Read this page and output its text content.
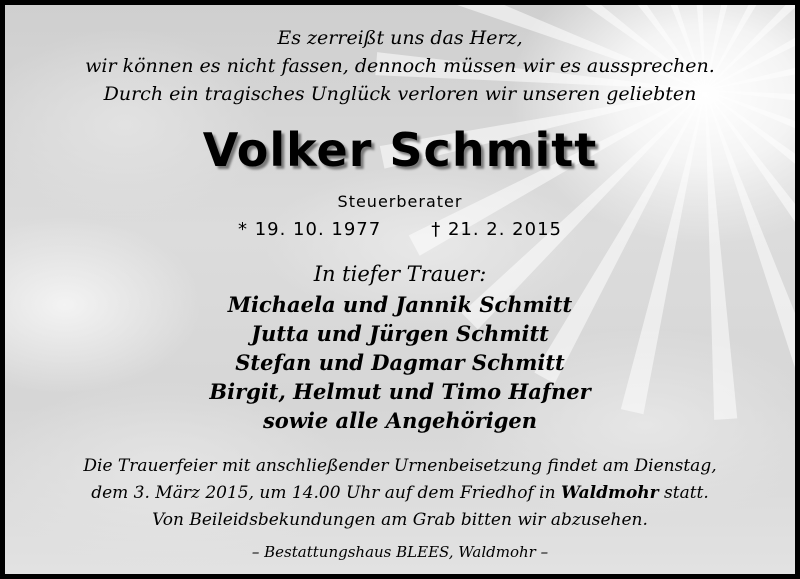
Es zerreißt uns das Herz,
wir können es nicht fassen, dennoch müssen wir es aussprechen.
Durch ein tragisches Unglück verloren wir unseren geliebten
Volker Schmitt
Steuerberater
* 19. 10. 1977	† 21. 2. 2015
In tiefer Trauer:
Michaela und Jannik Schmitt
Jutta und Jürgen Schmitt
Stefan und Dagmar Schmitt
Birgit, Helmut und Timo Hafner
sowie alle Angehörigen
Die Trauerfeier mit anschließender Urnenbeisetzung findet am Dienstag,
dem 3. März 2015, um 14.00 Uhr auf dem Friedhof in Waldmohr statt.
Von Beileidsbekundungen am Grab bitten wir abzusehen.
– Bestattungshaus BLEES, Waldmohr –
